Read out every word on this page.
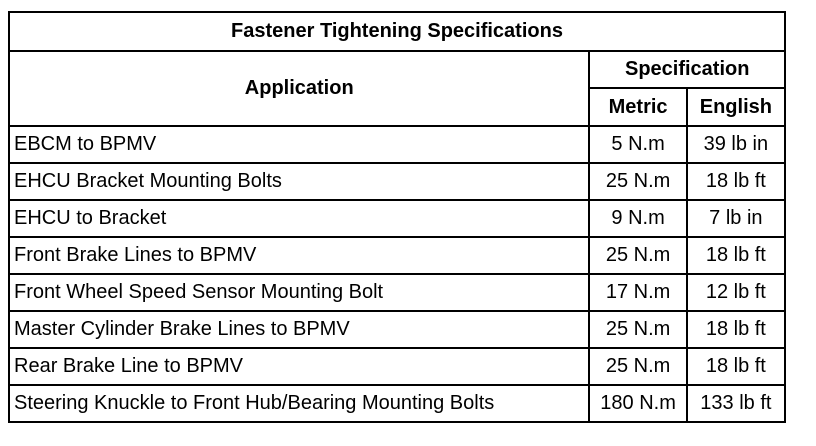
Fastener Tightening Specifications		
Application	Specification	
	Metric	English
EBCM to BPMV	5 N.m	39 lb in
EHCU Bracket Mounting Bolts	25 N.m	18 lb ft
EHCU to Bracket	9 N.m	7 lb in
Front Brake Lines to BPMV	25 N.m	18 lb ft
Front Wheel Speed Sensor Mounting Bolt	17 N.m	12 lb ft
Master Cylinder Brake Lines to BPMV	25 N.m	18 lb ft
Rear Brake Line to BPMV	25 N.m	18 lb ft
Steering Knuckle to Front Hub/Bearing Mounting Bolts	180 N.m	133 lb ft
